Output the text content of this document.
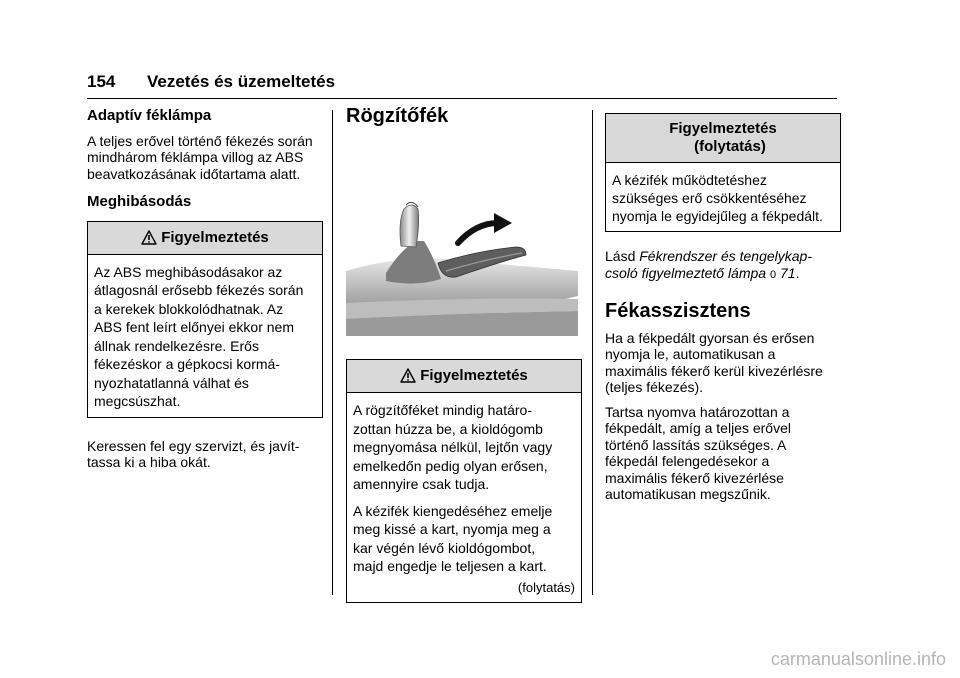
154 Vezetés és üzemeltetés
Adaptív féklámpa

A teljes erővel történő fékezés során
mindhárom féklámpa villog az ABS
beavatkozásának időtartama alatt.

Meghibásodás
Figyelmeztetés

Az ABS meghibásodásakor az
átlagosnál erősebb fékezés során
a kerekek blokkolódhatnak. Az
ABS fent leírt előnyei ekkor nem
állnak rendelkezésre. Erős
fékezéskor a gépkocsi kormá-
nyozhatatlanná válhat és
megcsúszhat.

Keressen fel egy szervizt, és javít-
tassa ki a hiba okát.

Rögzítőfék
Figyelmeztetés

A rögzítőféket mindig határo-
zottan húzza be, a kioldógomb
megnyomása nélkül, lejtőn vagy
emelkedőn pedig olyan erősen,
amennyire csak tudja.

A kézifék kiengedéséhez emelje
meg kissé a kart, nyomja meg a
kar végén lévő kioldógombot,
majd engedje le teljesen a kart.

(folytatás)
Figyelmeztetés
(folytatás)

A kézifék működtetéshez
szükséges erő csökkentéséhez
nyomja le egyidejűleg a fékpedált.

Lásd Fékrendszer és tengelykap-
csoló figyelmeztető lámpa 0 71.

Fékasszisztens

Ha a fékpedált gyorsan és erősen
nyomja le, automatikusan a
maximális fékerő kerül kivezérlésre
(teljes fékezés).

Tartsa nyomva határozottan a
fékpedált, amíg a teljes erővel
történő lassítás szükséges. A
fékpedál felengedésekor a
maximális fékerő kivezérlése
automatikusan megszűnik.

carmanualsonline.info
